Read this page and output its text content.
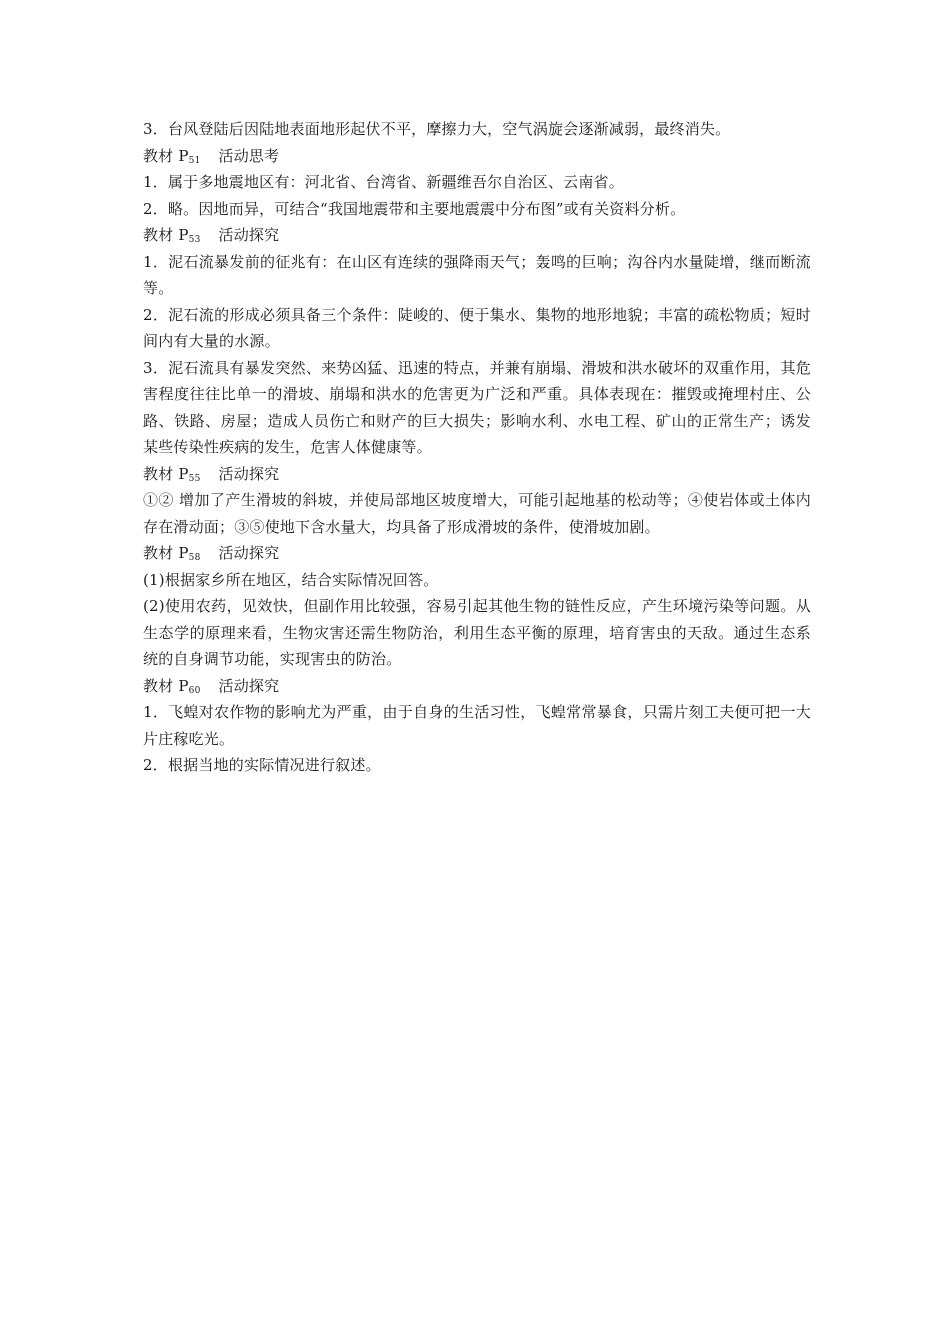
3．台风登陆后因陆地表面地形起伏不平，摩擦力大，空气涡旋会逐渐减弱，最终消失。

教材 $P_{51}$ 活动思考

1．属于多地震地区有：河北省、台湾省、新疆维吾尔自治区、云南省。

2．略。因地而异，可结合“我国地震带和主要地震震中分布图”或有关资料分析。

教材 $P_{53}$ 活动探究

1．泥石流暴发前的征兆有：在山区有连续的强降雨天气；轰鸣的巨响；沟谷内水量陡增，继而断流等。

2．泥石流的形成必须具备三个条件：陡峻的、便于集水、集物的地形地貌；丰富的疏松物质；短时间内有大量的水源。

3．泥石流具有暴发突然、来势凶猛、迅速的特点，并兼有崩塌、滑坡和洪水破坏的双重作用，其危害程度往往比单一的滑坡、崩塌和洪水的危害更为广泛和严重。具体表现在：摧毁或掩埋村庄、公路、铁路、房屋；造成人员伤亡和财产的巨大损失；影响水利、水电工程、矿山的正常生产；诱发某些传染性疾病的发生，危害人体健康等。

教材 $P_{55}$ 活动探究

①② 增加了产生滑坡的斜坡，并使局部地区坡度增大，可能引起地基的松动等；④使岩体或土体内存在滑动面；③⑤使地下含水量大，均具备了形成滑坡的条件，使滑坡加剧。

教材 $P_{58}$ 活动探究

(1)根据家乡所在地区，结合实际情况回答。

(2)使用农药，见效快，但副作用比较强，容易引起其他生物的链性反应，产生环境污染等问题。从生态学的原理来看，生物灾害还需生物防治，利用生态平衡的原理，培育害虫的天敌。通过生态系统的自身调节功能，实现害虫的防治。

教材 $P_{60}$ 活动探究

1．飞蝗对农作物的影响尤为严重，由于自身的生活习性，飞蝗常常暴食，只需片刻工夫便可把一大片庄稼吃光。

2．根据当地的实际情况进行叙述。
